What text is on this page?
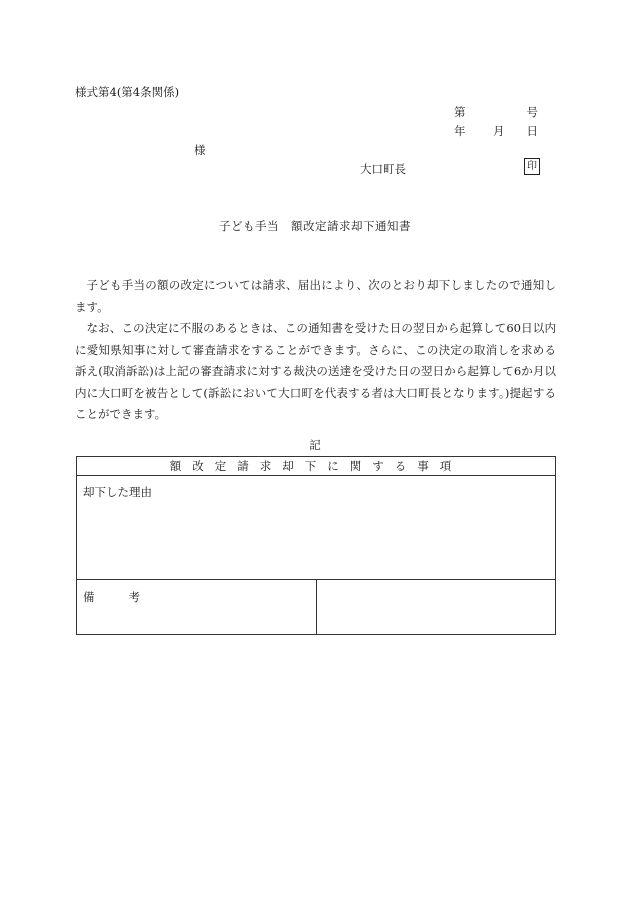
様式第4(第4条関係)
第	号
年 月 日
様
大口町長	印
子ども手当　額改定請求却下通知書
子ども手当の額の改定については請求、届出により、次のとおり却下しましたので通知します。
なお、この決定に不服のあるときは、この通知書を受けた日の翌日から起算して60日以内に愛知県知事に対して審査請求をすることができます。さらに、この決定の取消しを求める訴え(取消訴訟)は上記の審査請求に対する裁決の送達を受けた日の翌日から起算して6か月以内に大口町を被告として(訴訟において大口町を代表する者は大口町長となります。)提起することができます。
記
額改定請求却下に関する事項
却下した理由
備考	
